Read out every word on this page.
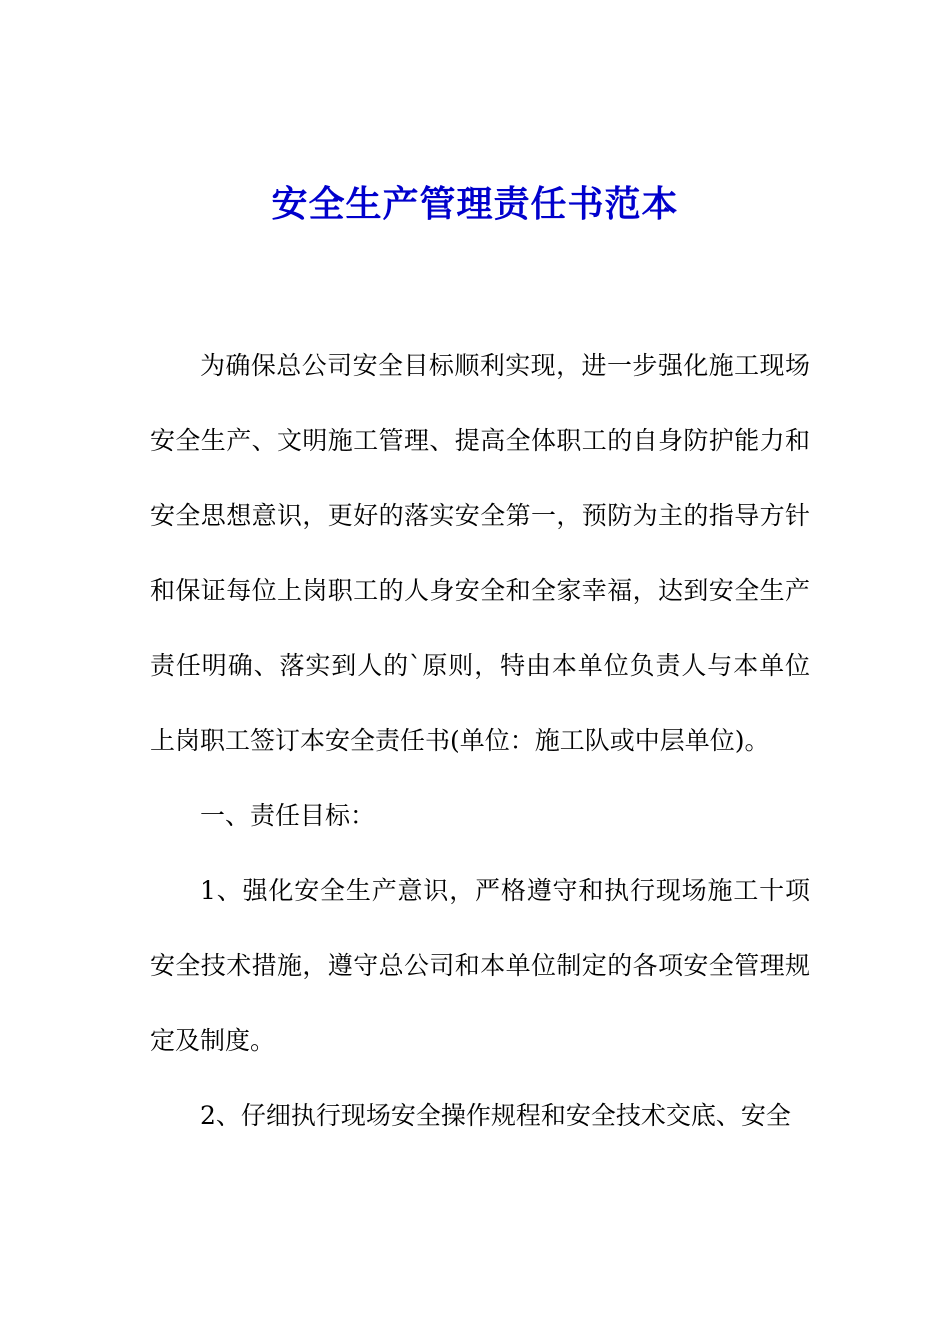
安全生产管理责任书范本

为确保总公司安全目标顺利实现，进一步强化施工现场安全生产、文明施工管理、提高全体职工的自身防护能力和安全思想意识，更好的落实安全第一，预防为主的指导方针和保证每位上岗职工的人身安全和全家幸福，达到安全生产责任明确、落实到人的`原则，特由本单位负责人与本单位上岗职工签订本安全责任书(单位：施工队或中层单位)。

一、责任目标：

1、强化安全生产意识，严格遵守和执行现场施工十项安全技术措施，遵守总公司和本单位制定的各项安全管理规定及制度。

2、仔细执行现场安全操作规程和安全技术交底、安全
